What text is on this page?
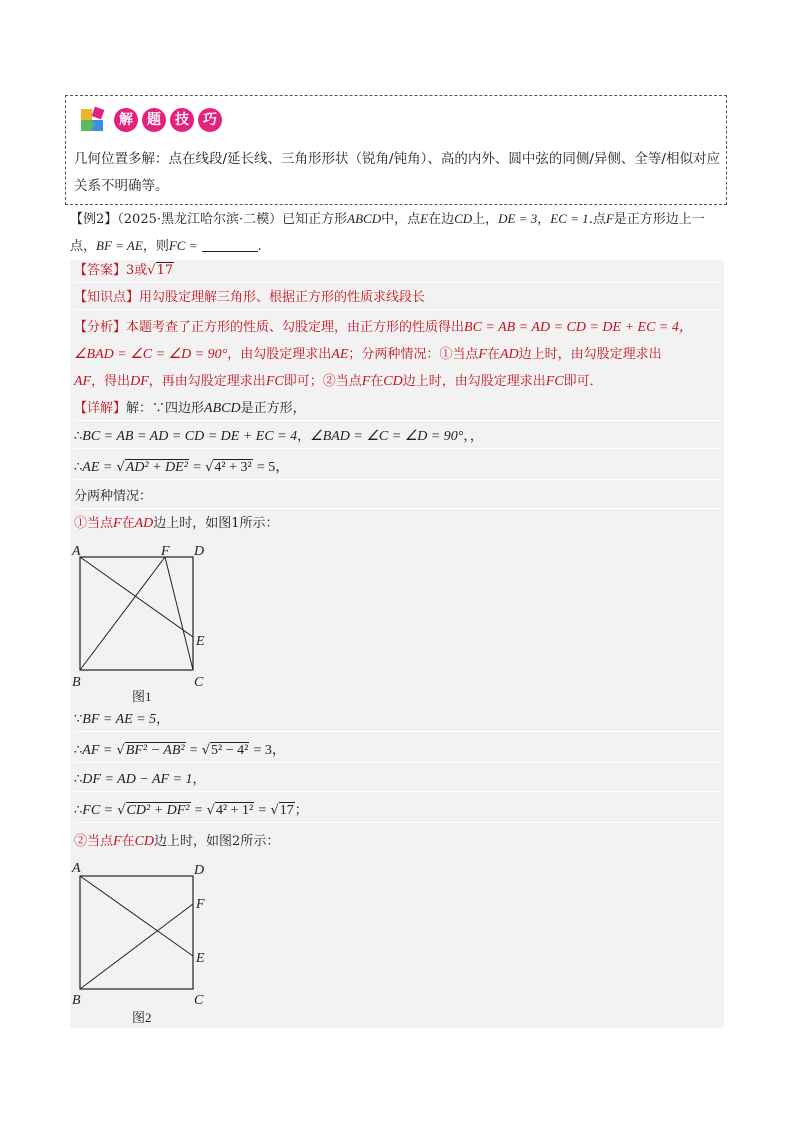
解	题	技	巧
几何位置多解：点在线段/延长线、三角形形状（锐角/钝角）、高的内外、圆中弦的同侧/异侧、全等/相似对应关系不明确等。
【例2】（2025·黑龙江哈尔滨·二模）已知正方形ABCD中，点E在边CD上，DE = 3，EC = 1.点F是正方形边上一点，BF = AE，则FC =	.
【答案】3或√17
【知识点】用勾股定理解三角形、根据正方形的性质求线段长
【分析】本题考查了正方形的性质、勾股定理，由正方形的性质得出BC = AB = AD = CD = DE + EC = 4，
∠BAD = ∠C = ∠D = 90°，由勾股定理求出AE；分两种情况：①当点F在AD边上时，由勾股定理求出
AF，得出DF，再由勾股定理求出FC即可；②当点F在CD边上时，由勾股定理求出FC即可．
【详解】解：∵四边形ABCD是正方形，
∴BC = AB = AD = CD = DE + EC = 4，∠BAD = ∠C = ∠D = 90°，，
∴AE = √AD² + DE² = √4² + 3² = 5，
分两种情况：
①当点F在AD边上时，如图1所示：
A	F D
E
B	C
图1
∵BF = AE = 5，
∴AF = √BF² − AB² = √5² − 4² = 3，
∴DF = AD − AF = 1，
∴FC = √CD² + DF² = √4² + 1² = √17；
②当点F在CD边上时，如图2所示：
A	D
F
E
B	C
图2
